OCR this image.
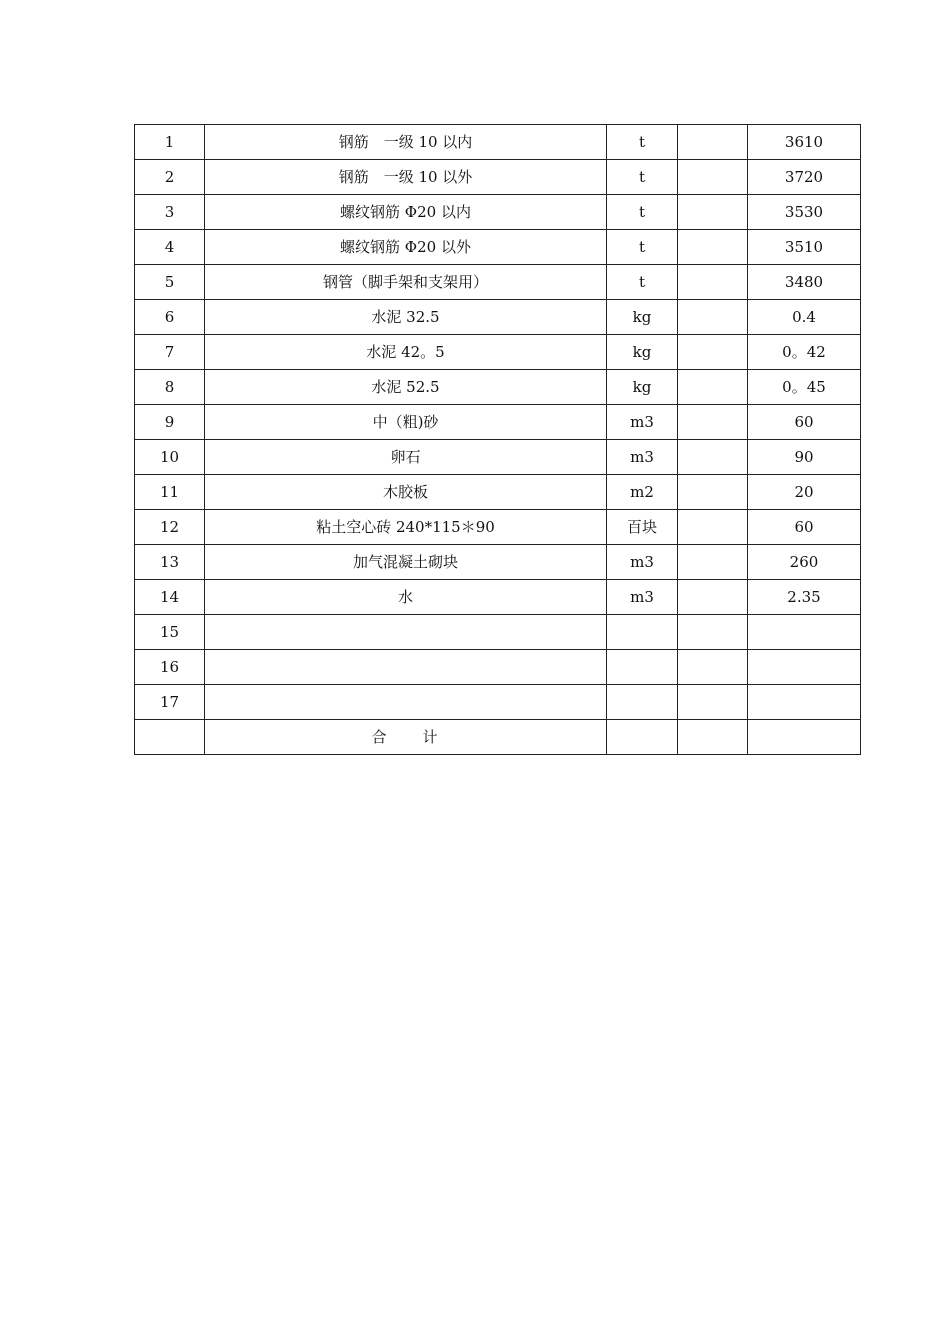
1	钢筋　一级 10 以内	t		3610
2	钢筋　一级 10 以外	t		3720
3	螺纹钢筋 Φ20 以内	t		3530
4	螺纹钢筋 Φ20 以外	t		3510
5	钢管（脚手架和支架用）	t		3480
6	水泥 32.5	kg		0.4
7	水泥 42。5	kg		0。42
8	水泥 52.5	kg		0。45
9	中（粗)砂	m3		60
10	卵石	m3		90
11	木胶板	m2		20
12	粘土空心砖 240*115＊90	百块		60
13	加气混凝土砌块	m3		260
14	水	m3		2.35
15				
16				
17				
	合　　计			
